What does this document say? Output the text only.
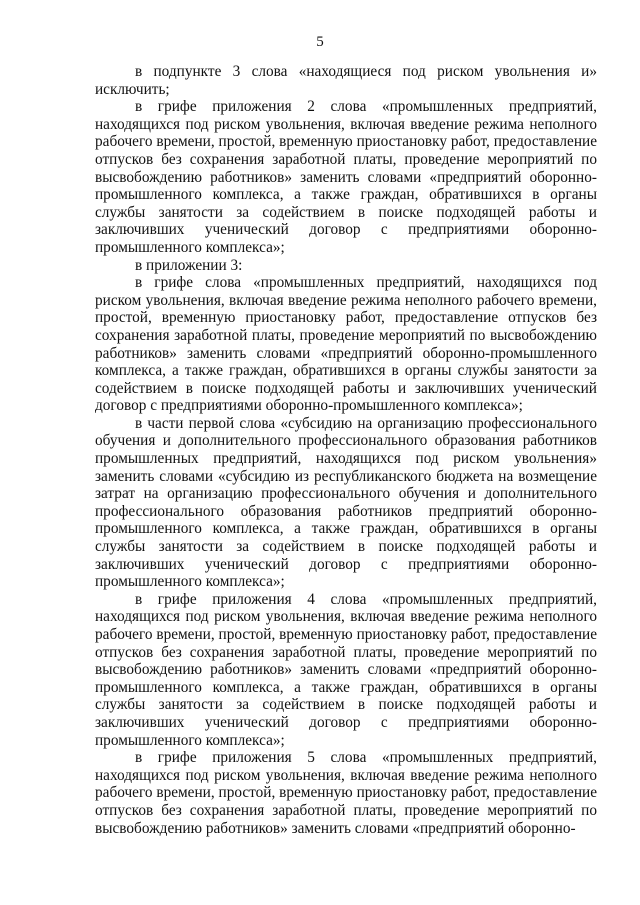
5

в подпункте 3 слова «находящиеся под риском увольнения и» исключить;

в грифе приложения 2 слова «промышленных предприятий, находящихся под риском увольнения, включая введение режима неполного рабочего времени, простой, временную приостановку работ, предоставление отпусков без сохранения заработной платы, проведение мероприятий по высвобождению работников» заменить словами «предприятий оборонно-промышленного комплекса, а также граждан, обратившихся в органы службы занятости за содействием в поиске подходящей работы и заключивших ученический договор с предприятиями оборонно-промышленного комплекса»;

в приложении 3:

в грифе слова «промышленных предприятий, находящихся под риском увольнения, включая введение режима неполного рабочего времени, простой, временную приостановку работ, предоставление отпусков без сохранения заработной платы, проведение мероприятий по высвобождению работников» заменить словами «предприятий оборонно-промышленного комплекса, а также граждан, обратившихся в органы службы занятости за содействием в поиске подходящей работы и заключивших ученический договор с предприятиями оборонно-промышленного комплекса»;

в части первой слова «субсидию на организацию профессионального обучения и дополнительного профессионального образования работников промышленных предприятий, находящихся под риском увольнения» заменить словами «субсидию из республиканского бюджета на возмещение затрат на организацию профессионального обучения и дополнительного профессионального образования работников предприятий оборонно-промышленного комплекса, а также граждан, обратившихся в органы службы занятости за содействием в поиске подходящей работы и заключивших ученический договор с предприятиями оборонно-промышленного комплекса»;

в грифе приложения 4 слова «промышленных предприятий, находящихся под риском увольнения, включая введение режима неполного рабочего времени, простой, временную приостановку работ, предоставление отпусков без сохранения заработной платы, проведение мероприятий по высвобождению работников» заменить словами «предприятий оборонно-промышленного комплекса, а также граждан, обратившихся в органы службы занятости за содействием в поиске подходящей работы и заключивших ученический договор с предприятиями оборонно-промышленного комплекса»;

в грифе приложения 5 слова «промышленных предприятий, находящихся под риском увольнения, включая введение режима неполного рабочего времени, простой, временную приостановку работ, предоставление отпусков без сохранения заработной платы, проведение мероприятий по высвобождению работников» заменить словами «предприятий оборонно-
